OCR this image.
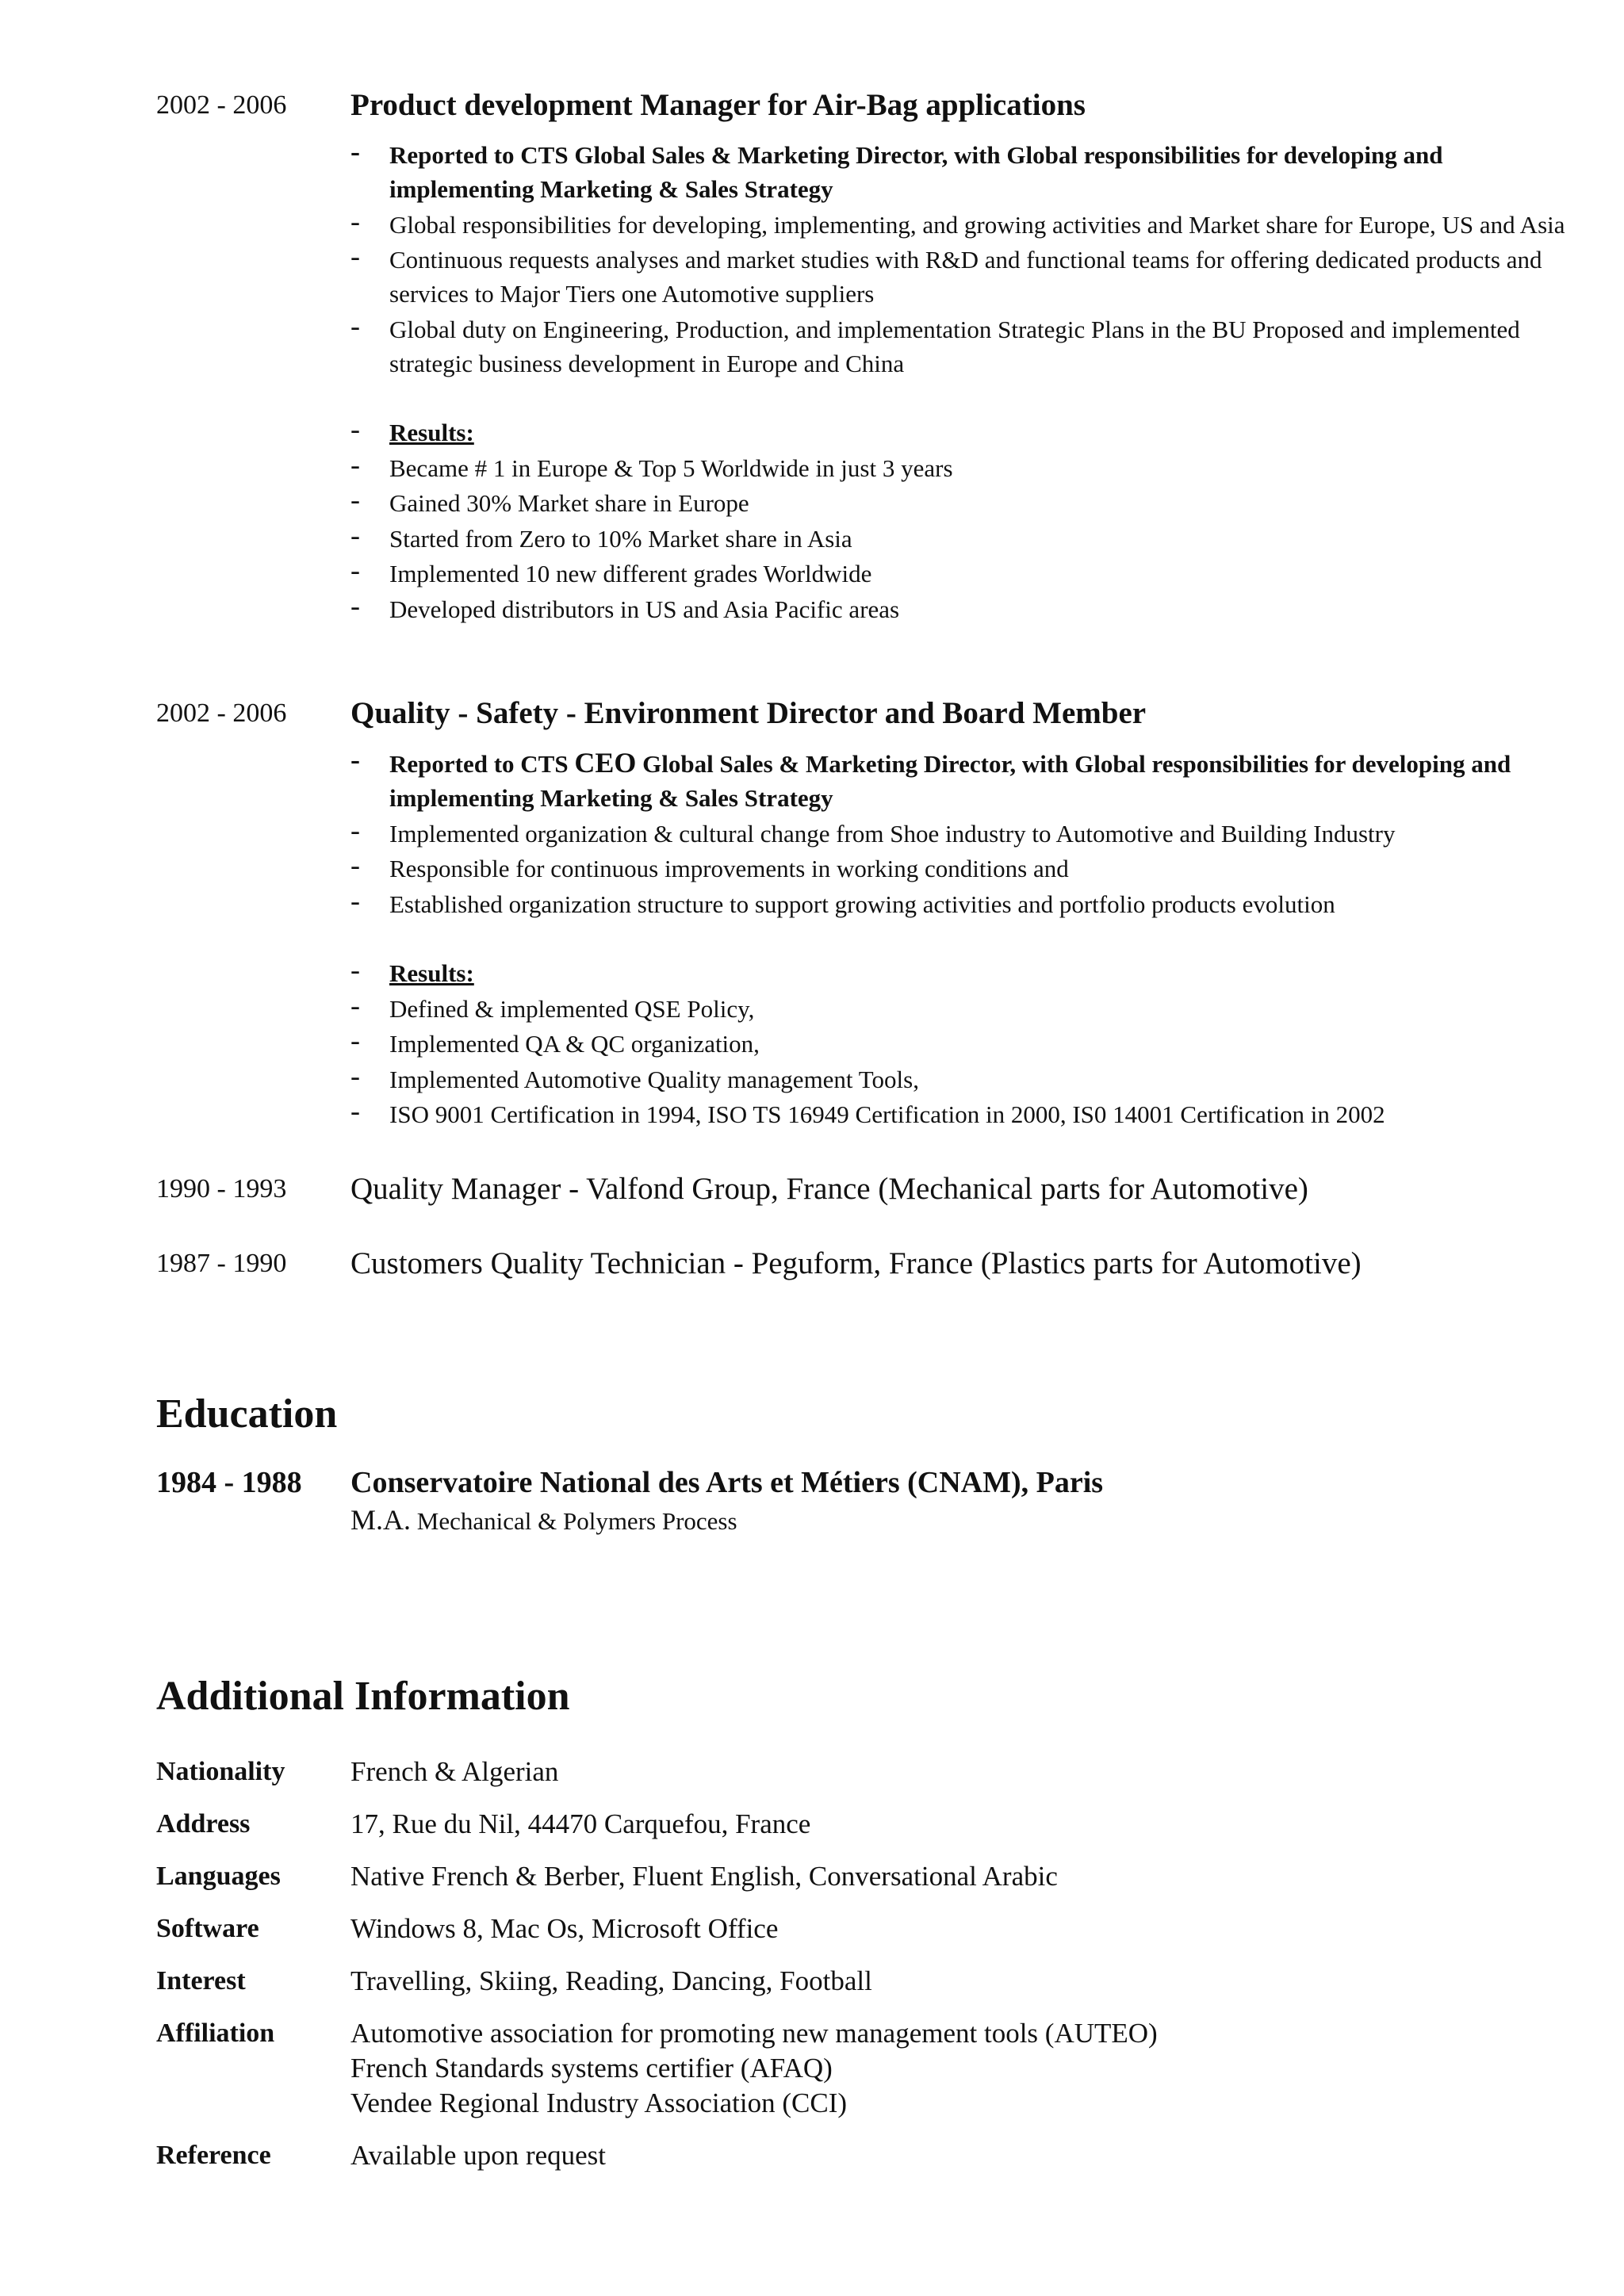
2002 - 2006 Product development Manager for Air-Bag applications
- Reported to CTS Global Sales & Marketing Director, with Global responsibilities for developing and implementing Marketing & Sales Strategy
- Global responsibilities for developing, implementing, and growing activities and Market share for Europe, US and Asia
- Continuous requests analyses and market studies with R&D and functional teams for offering dedicated products and services to Major Tiers one Automotive suppliers
- Global duty on Engineering, Production, and implementation Strategic Plans in the BU Proposed and implemented strategic business development in Europe and China
- Results:
- Became # 1 in Europe & Top 5 Worldwide in just 3 years
- Gained 30% Market share in Europe
- Started from Zero to 10% Market share in Asia
- Implemented 10 new different grades Worldwide
- Developed distributors in US and Asia Pacific areas
2002 - 2006 Quality - Safety - Environment Director and Board Member
- Reported to CTS CEO Global Sales & Marketing Director, with Global responsibilities for developing and implementing Marketing & Sales Strategy
- Implemented organization & cultural change from Shoe industry to Automotive and Building Industry
- Responsible for continuous improvements in working conditions and
- Established organization structure to support growing activities and portfolio products evolution
- Results:
- Defined & implemented QSE Policy,
- Implemented QA & QC organization,
- Implemented Automotive Quality management Tools,
- ISO 9001 Certification in 1994, ISO TS 16949 Certification in 2000, IS0 14001 Certification in 2002
1990 - 1993 Quality Manager - Valfond Group, France (Mechanical parts for Automotive)
1987 - 1990 Customers Quality Technician - Peguform, France (Plastics parts for Automotive)
Education
1984 - 1988 Conservatoire National des Arts et Métiers (CNAM), Paris
M.A. Mechanical & Polymers Process
Additional Information
Nationality French & Algerian
Address	17, Rue du Nil, 44470 Carquefou, France
Languages	Native French & Berber, Fluent English, Conversational Arabic
Software	Windows 8, Mac Os, Microsoft Office
Interest	Travelling, Skiing, Reading, Dancing, Football
Affiliation	Automotive association for promoting new management tools (AUTEO)
French Standards systems certifier (AFAQ)
Vendee Regional Industry Association (CCI)
Reference	Available upon request
